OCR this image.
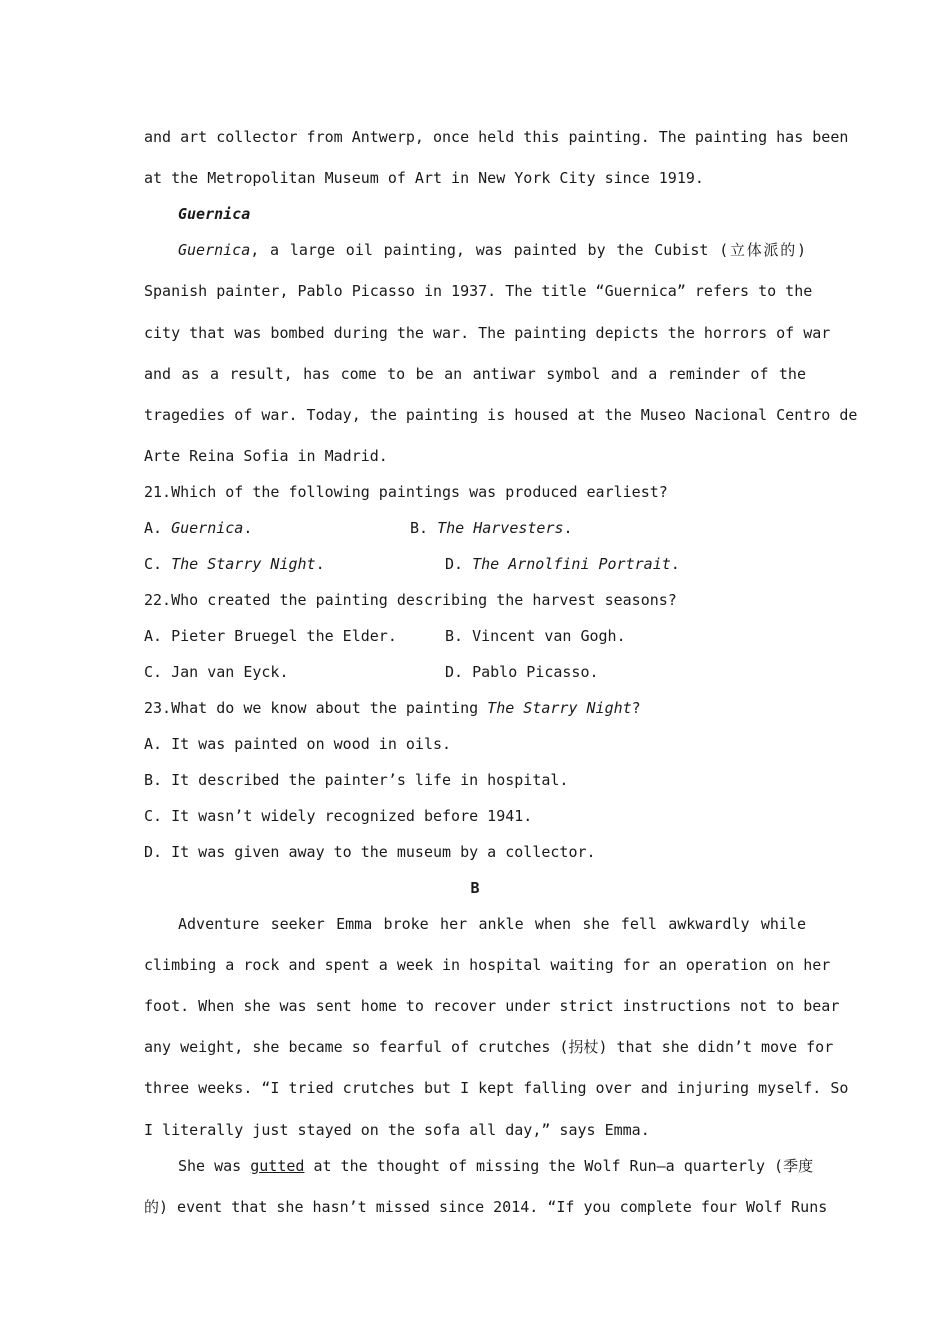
and art collector from Antwerp, once held this painting. The painting has been
at the Metropolitan Museum of Art in New York City since 1919.
Guernica
Guernica, a large oil painting, was painted by the Cubist (立体派的)
Spanish painter, Pablo Picasso in 1937. The title “Guernica” refers to the
city that was bombed during the war. The painting depicts the horrors of war
and as a result, has come to be an antiwar symbol and a reminder of the
tragedies of war. Today, the painting is housed at the Museo Nacional Centro de
Arte Reina Sofia in Madrid.
21.Which of the following paintings was produced earliest?
A. Guernica.	B. The Harvesters.
C. The Starry Night.	D. The Arnolfini Portrait.
22.Who created the painting describing the harvest seasons?
A. Pieter Bruegel the Elder.	B. Vincent van Gogh.
C. Jan van Eyck.	D. Pablo Picasso.
23.What do we know about the painting The Starry Night?
A. It was painted on wood in oils.
B. It described the painter’s life in hospital.
C. It wasn’t widely recognized before 1941.
D. It was given away to the museum by a collector.
B
Adventure seeker Emma broke her ankle when she fell awkwardly while
climbing a rock and spent a week in hospital waiting for an operation on her
foot. When she was sent home to recover under strict instructions not to bear
any weight, she became so fearful of crutches (拐杖) that she didn’t move for
three weeks. “I tried crutches but I kept falling over and injuring myself. So
I literally just stayed on the sofa all day,” says Emma.
She was gutted at the thought of missing the Wolf Run—a quarterly (季度
的) event that she hasn’t missed since 2014. “If you complete four Wolf Runs
